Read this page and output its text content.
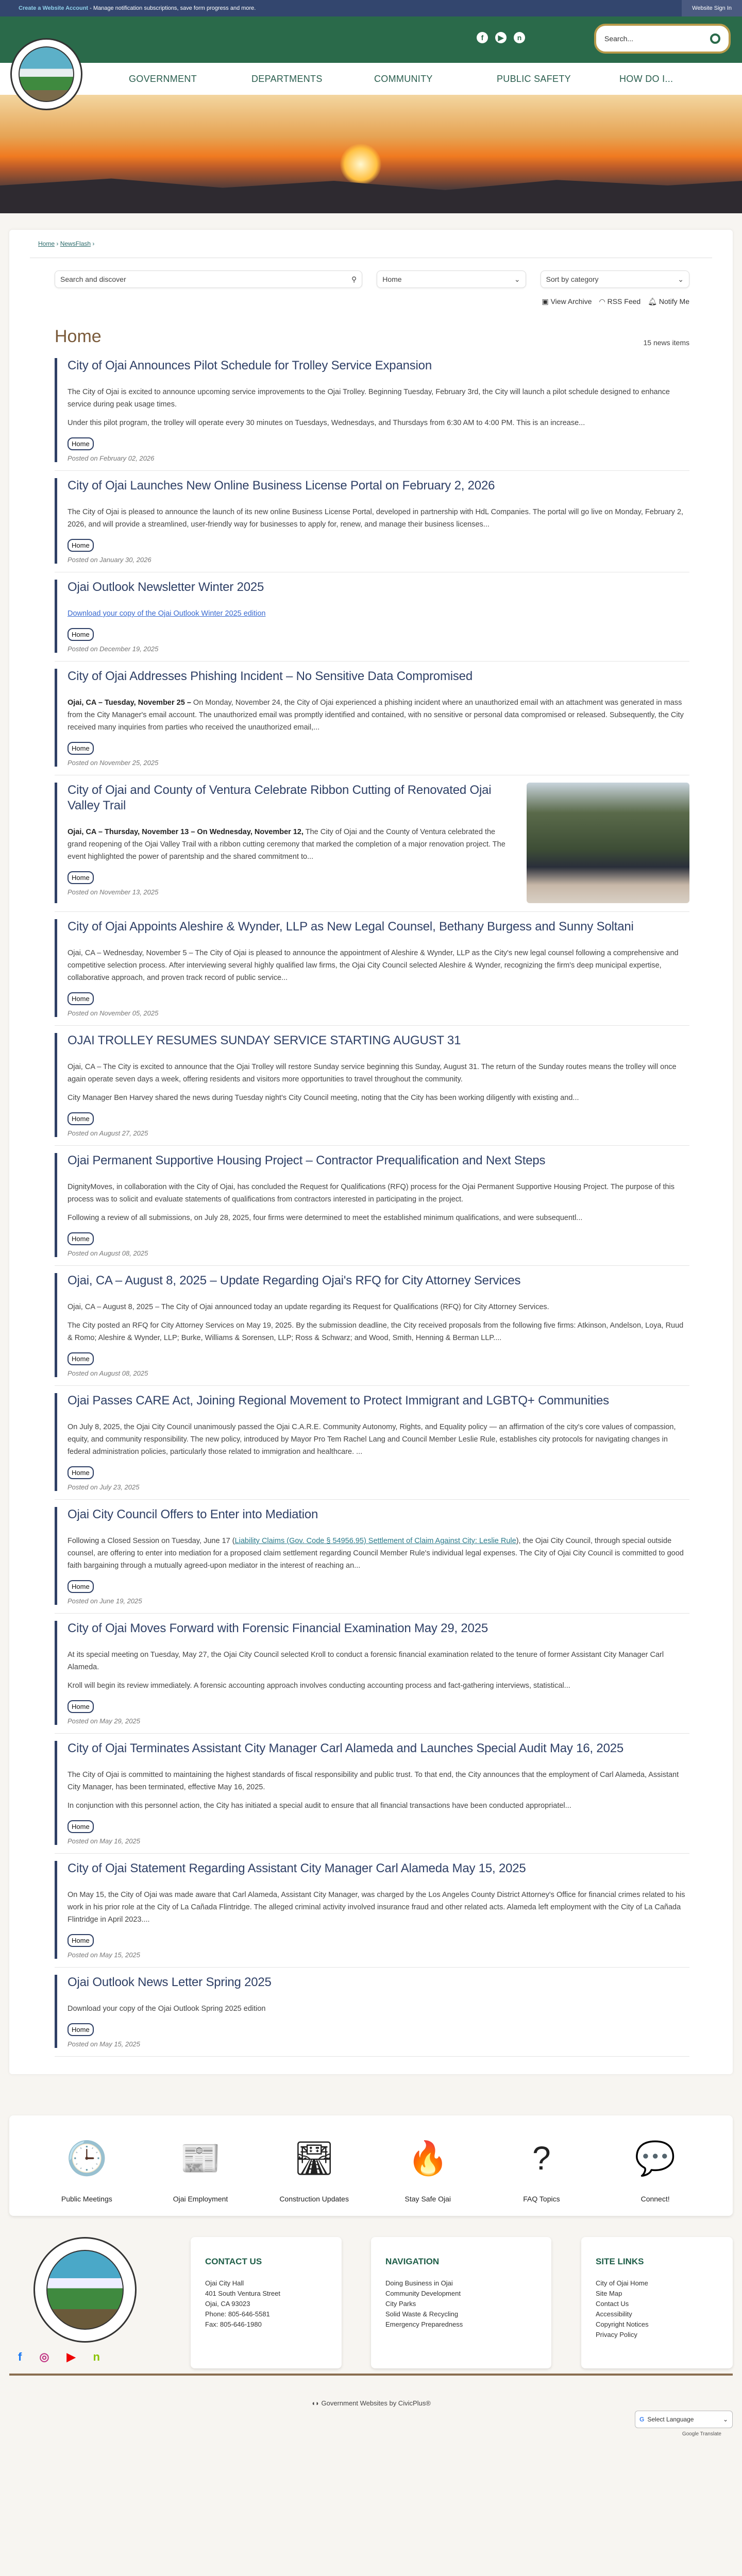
Create a Website Account - Manage notification subscriptions, save form progress and more.	Website Sign In
f	▶	n	Search...
GOVERNMENT	DEPARTMENTS	COMMUNITY	PUBLIC SAFETY	HOW DO I...
Home › NewsFlash ›
Search and discover	⚲	Home	⌄	Sort by category	⌄
▣ View Archive ◠ RSS Feed 🔔︎ Notify Me
Home	15 news items
City of Ojai Announces Pilot Schedule for Trolley Service Expansion

The City of Ojai is excited to announce upcoming service improvements to the Ojai Trolley. Beginning Tuesday, February 3rd, the City will launch a pilot schedule designed to enhance service during peak usage times.

Under this pilot program, the trolley will operate every 30 minutes on Tuesdays, Wednesdays, and Thursdays from 6:30 AM to 4:00 PM. This is an increase...

Home
Posted on February 02, 2026
City of Ojai Launches New Online Business License Portal on February 2, 2026

The City of Ojai is pleased to announce the launch of its new online Business License Portal, developed in partnership with HdL Companies. The portal will go live on Monday, February 2, 2026, and will provide a streamlined, user-friendly way for businesses to apply for, renew, and manage their business licenses...

Home
Posted on January 30, 2026
Ojai Outlook Newsletter Winter 2025

Download your copy of the Ojai Outlook Winter 2025 edition

Home
Posted on December 19, 2025
City of Ojai Addresses Phishing Incident – No Sensitive Data Compromised

Ojai, CA – Tuesday, November 25 – On Monday, November 24, the City of Ojai experienced a phishing incident where an unauthorized email with an attachment was generated in mass from the City Manager's email account. The unauthorized email was promptly identified and contained, with no sensitive or personal data compromised or released. Subsequently, the City received many inquiries from parties who received the unauthorized email,...

Home
Posted on November 25, 2025
City of Ojai and County of Ventura Celebrate Ribbon Cutting of Renovated Ojai Valley Trail

Ojai, CA – Thursday, November 13 – On Wednesday, November 12, The City of Ojai and the County of Ventura celebrated the grand reopening of the Ojai Valley Trail with a ribbon cutting ceremony that marked the completion of a major renovation project. The event highlighted the power of parentship and the shared commitment to...

Home
Posted on November 13, 2025
City of Ojai Appoints Aleshire & Wynder, LLP as New Legal Counsel, Bethany Burgess and Sunny Soltani

Ojai, CA – Wednesday, November 5 – The City of Ojai is pleased to announce the appointment of Aleshire & Wynder, LLP as the City's new legal counsel following a comprehensive and competitive selection process. After interviewing several highly qualified law firms, the Ojai City Council selected Aleshire & Wynder, recognizing the firm's deep municipal expertise, collaborative approach, and proven track record of public service...

Home
Posted on November 05, 2025
OJAI TROLLEY RESUMES SUNDAY SERVICE STARTING AUGUST 31

Ojai, CA – The City is excited to announce that the Ojai Trolley will restore Sunday service beginning this Sunday, August 31. The return of the Sunday routes means the trolley will once again operate seven days a week, offering residents and visitors more opportunities to travel throughout the community.

City Manager Ben Harvey shared the news during Tuesday night's City Council meeting, noting that the City has been working diligently with existing and...

Home
Posted on August 27, 2025
Ojai Permanent Supportive Housing Project – Contractor Prequalification and Next Steps

DignityMoves, in collaboration with the City of Ojai, has concluded the Request for Qualifications (RFQ) process for the Ojai Permanent Supportive Housing Project. The purpose of this process was to solicit and evaluate statements of qualifications from contractors interested in participating in the project.

Following a review of all submissions, on July 28, 2025, four firms were determined to meet the established minimum qualifications, and were subsequentl...

Home
Posted on August 08, 2025
Ojai, CA – August 8, 2025 – Update Regarding Ojai's RFQ for City Attorney Services

Ojai, CA – August 8, 2025 – The City of Ojai announced today an update regarding its Request for Qualifications (RFQ) for City Attorney Services.

The City posted an RFQ for City Attorney Services on May 19, 2025. By the submission deadline, the City received proposals from the following five firms: Atkinson, Andelson, Loya, Ruud & Romo; Aleshire & Wynder, LLP; Burke, Williams & Sorensen, LLP; Ross & Schwarz; and Wood, Smith, Henning & Berman LLP....

Home
Posted on August 08, 2025
Ojai Passes CARE Act, Joining Regional Movement to Protect Immigrant and LGBTQ+ Communities

On July 8, 2025, the Ojai City Council unanimously passed the Ojai C.A.R.E. Community Autonomy, Rights, and Equality policy — an affirmation of the city's core values of compassion, equity, and community responsibility. The new policy, introduced by Mayor Pro Tem Rachel Lang and Council Member Leslie Rule, establishes city protocols for navigating changes in federal administration policies, particularly those related to immigration and healthcare. ...

Home
Posted on July 23, 2025
Ojai City Council Offers to Enter into Mediation

Following a Closed Session on Tuesday, June 17 (Liability Claims (Gov. Code § 54956.95) Settlement of Claim Against City: Leslie Rule), the Ojai City Council, through special outside counsel, are offering to enter into mediation for a proposed claim settlement regarding Council Member Rule's individual legal expenses. The City of Ojai City Council is committed to good faith bargaining through a mutually agreed-upon mediator in the interest of reaching an...

Home
Posted on June 19, 2025
City of Ojai Moves Forward with Forensic Financial Examination May 29, 2025

At its special meeting on Tuesday, May 27, the Ojai City Council selected Kroll to conduct a forensic financial examination related to the tenure of former Assistant City Manager Carl Alameda.

Kroll will begin its review immediately. A forensic accounting approach involves conducting accounting process and fact-gathering interviews, statistical...

Home
Posted on May 29, 2025
City of Ojai Terminates Assistant City Manager Carl Alameda and Launches Special Audit May 16, 2025

The City of Ojai is committed to maintaining the highest standards of fiscal responsibility and public trust. To that end, the City announces that the employment of Carl Alameda, Assistant City Manager, has been terminated, effective May 16, 2025.

In conjunction with this personnel action, the City has initiated a special audit to ensure that all financial transactions have been conducted appropriatel...

Home
Posted on May 16, 2025
City of Ojai Statement Regarding Assistant City Manager Carl Alameda May 15, 2025

On May 15, the City of Ojai was made aware that Carl Alameda, Assistant City Manager, was charged by the Los Angeles County District Attorney's Office for financial crimes related to his work in his prior role at the City of La Cañada Flintridge. The alleged criminal activity involved insurance fraud and other related acts. Alameda left employment with the City of La Cañada Flintridge in April 2023....

Home
Posted on May 15, 2025
Ojai Outlook News Letter Spring 2025

Download your copy of the Ojai Outlook Spring 2025 edition

Home
Posted on May 15, 2025
🕒
Public Meetings
📰
Ojai Employment
🛣
Construction Updates
🔥
Stay Safe Ojai
?
FAQ Topics
💬
Connect!
f ◎ ▶ n
CONTACT US
Ojai City Hall
401 South Ventura Street
Ojai, CA 93023
Phone: 805-646-5581
Fax: 805-646-1980
NAVIGATION
Doing Business in Ojai
Community Development
City Parks
Solid Waste & Recycling
Emergency Preparedness
SITE LINKS
City of Ojai Home
Site Map
Contact Us
Accessibility
Copyright Notices
Privacy Policy
◖◗ Government Websites by CivicPlus®
G Select Language	⌄
Google Translate
